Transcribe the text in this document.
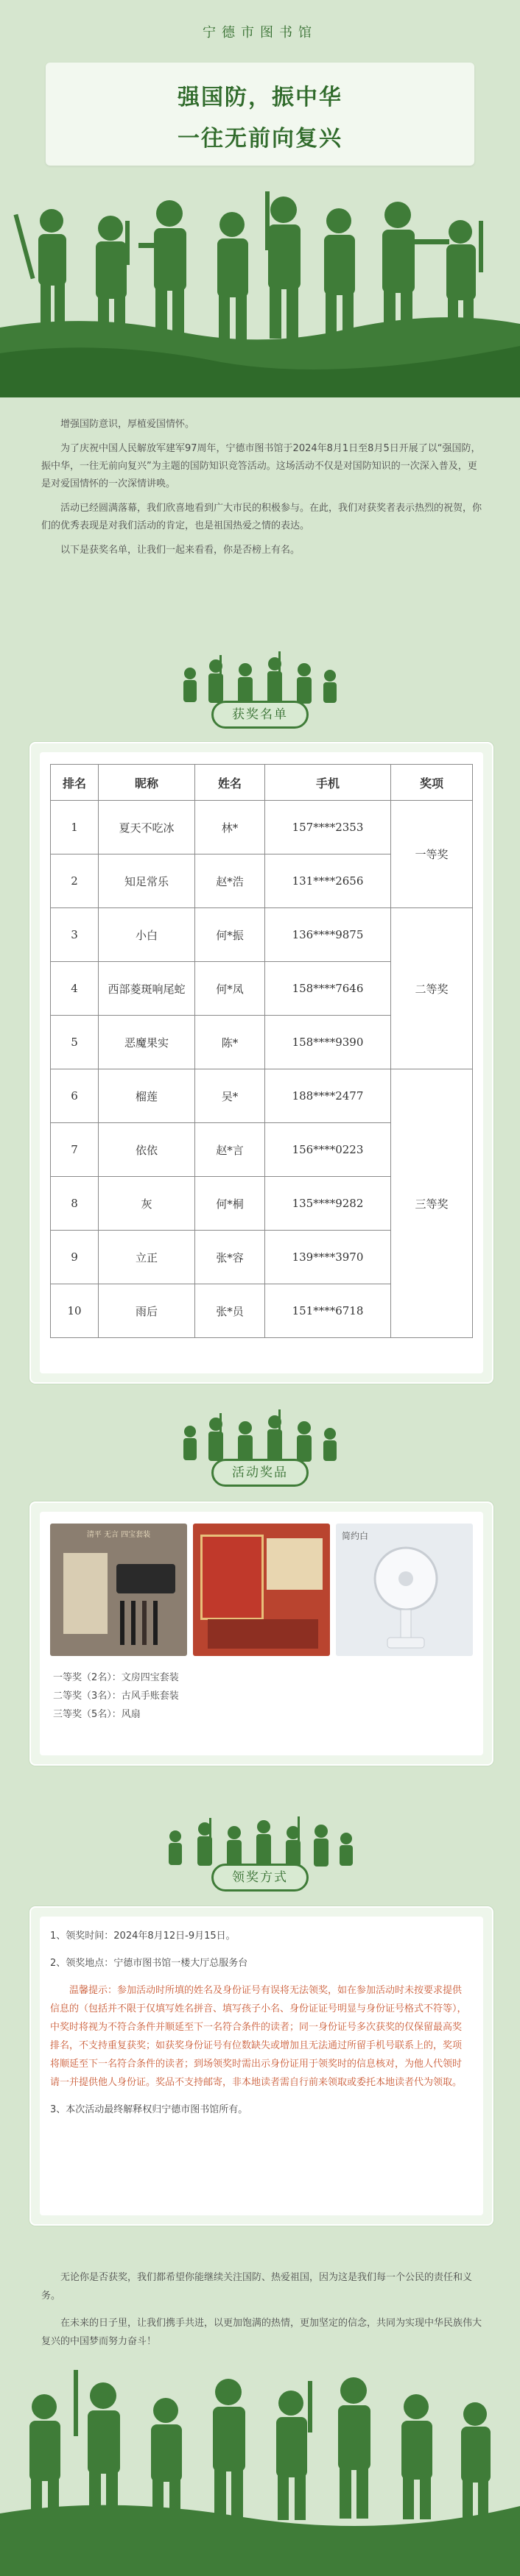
宁德市图书馆
强国防，振中华
一往无前向复兴

增强国防意识，厚植爱国情怀。

为了庆祝中国人民解放军建军97周年，宁德市图书馆于2024年8月1日至8月5日开展了以“强国防，振中华，一往无前向复兴”为主题的国防知识竞答活动。这场活动不仅是对国防知识的一次深入普及，更是对爱国情怀的一次深情讲唤。

活动已经圆满落幕，我们欣喜地看到广大市民的积极参与。在此，我们对获奖者表示热烈的祝贺，你们的优秀表现是对我们活动的肯定，也是祖国热爱之情的表达。

以下是获奖名单，让我们一起来看看，你是否榜上有名。

获奖名单
排名	昵称	姓名	手机	奖项
1	夏天不吃冰	林*	157****2353	一等奖
2	知足常乐	赵*浩	131****2656	
3	小白	何*振	136****9875	二等奖
4	西部菱斑响尾蛇	何*凤	158****7646	
5	恶魔果实	陈*	158****9390	
6	榴莲	吴*	188****2477	三等奖
7	依依	赵*言	156****0223	
8	灰	何*桐	135****9282	
9	立正	张*容	139****3970	
10	雨后	张*员	151****6718	
活动奖品
清平 无言 四宝套装	简约白
一等奖（2名）：文房四宝套装
二等奖（3名）：古风手账套装
三等奖（5名）：风扇
领奖方式

1、领奖时间：2024年8月12日-9月15日。

2、领奖地点：宁德市图书馆一楼大厅总服务台

温馨提示：参加活动时所填的姓名及身份证号有误将无法领奖，如在参加活动时未按要求提供信息的（包括并不限于仅填写姓名拼音、填写孩子小名、身份证证号明显与身份证号格式不符等），中奖时将视为不符合条件并顺延至下一名符合条件的读者；同一身份证号多次获奖的仅保留最高奖排名，不支持重复获奖；如获奖身份证号有位数缺失或增加且无法通过所留手机号联系上的，奖项将顺延至下一名符合条件的读者；到场领奖时需出示身份证用于领奖时的信息核对，为他人代领时请一并提供他人身份证。奖品不支持邮寄，非本地读者需自行前来领取或委托本地读者代为领取。

3、本次活动最终解释权归宁德市图书馆所有。

无论你是否获奖，我们都希望你能继续关注国防、热爱祖国，因为这是我们每一个公民的责任和义务。

在未来的日子里，让我们携手共进，以更加饱满的热情，更加坚定的信念，共同为实现中华民族伟大复兴的中国梦而努力奋斗！
